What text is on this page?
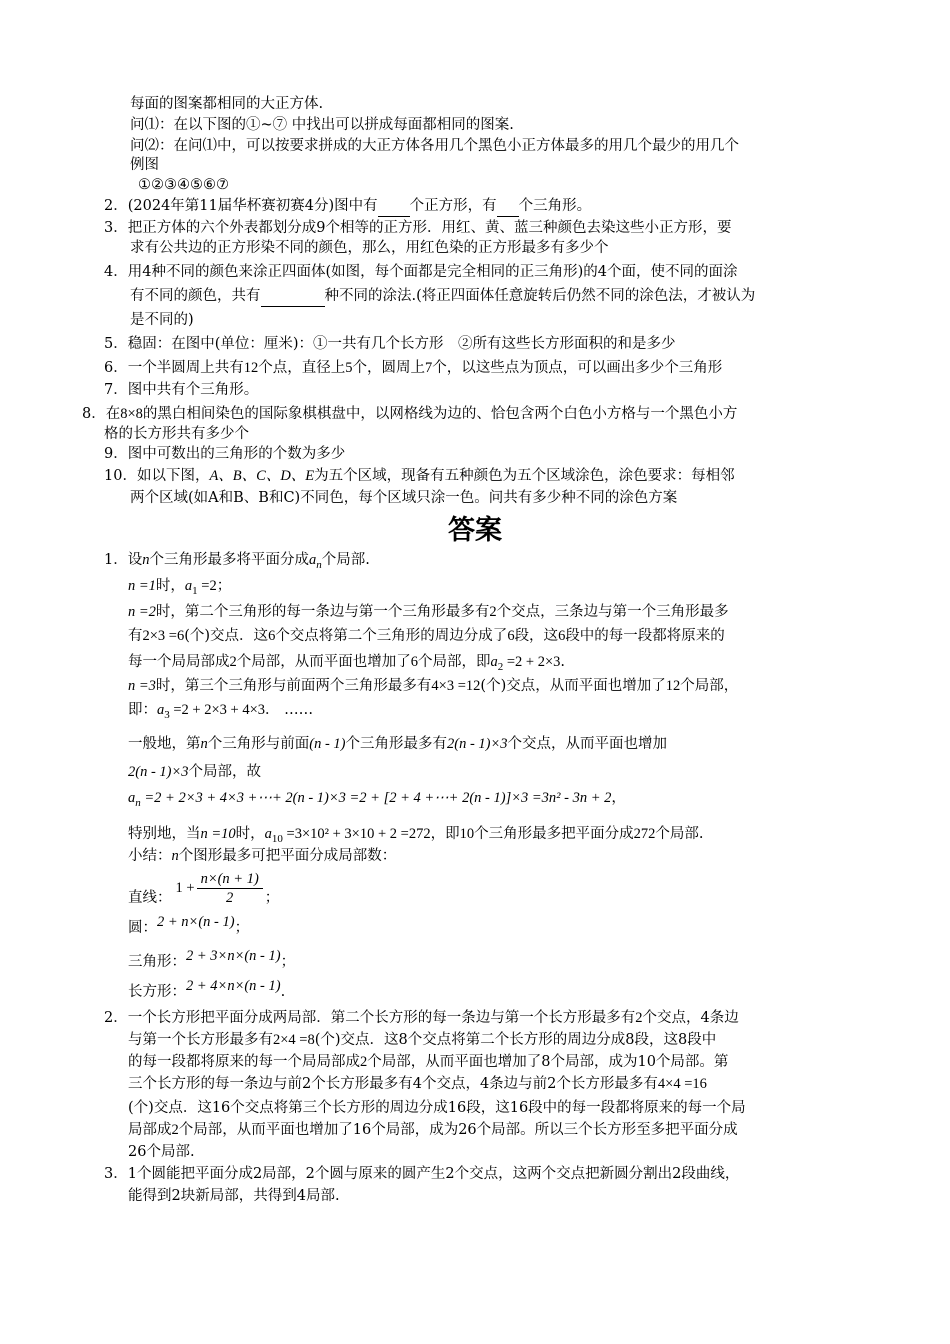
每面的图案都相同的大正方体.
问⑴：在以下图的①~⑦ 中找出可以拼成每面都相同的图案.
问⑵：在问⑴中，可以按要求拼成的大正方体各用几个黑色小正方体最多的用几个最少的用几个
例图
①②③④⑤⑥⑦
2．(2024年第11届华杯赛初赛4分)图中有 个正方形，有 个三角形。
3．把正方体的六个外表都划分成9个相等的正方形．用红、黄、蓝三种颜色去染这些小正方形，要
求有公共边的正方形染不同的颜色，那么，用红色染的正方形最多有多少个
4．用4种不同的颜色来涂正四面体(如图，每个面都是完全相同的正三角形)的4个面，使不同的面涂
有不同的颜色，共有	种不同的涂法.(将正四面体任意旋转后仍然不同的涂色法，才被认为
是不同的)
5．稳固：在图中(单位：厘米)：①一共有几个长方形　②所有这些长方形面积的和是多少
6．一个半圆周上共有12个点，直径上5个，圆周上7个，以这些点为顶点，可以画出多少个三角形
7．图中共有个三角形。
8．在8×8的黑白相间染色的国际象棋棋盘中，以网格线为边的、恰包含两个白色小方格与一个黑色小方
格的长方形共有多少个
9．图中可数出的三角形的个数为多少
10．如以下图，A、B、C、D、E为五个区域，现备有五种颜色为五个区域涂色，涂色要求：每相邻
两个区域(如A和B、B和C)不同色，每个区域只涂一色。问共有多少种不同的涂色方案
答案
1．设n个三角形最多将平面分成$a_n$个局部.
n =1时，$a_1 =2$；
n =2时，第二个三角形的每一条边与第一个三角形最多有2个交点，三条边与第一个三角形最多
有2×3 =6(个)交点．这6个交点将第二个三角形的周边分成了6段，这6段中的每一段都将原来的
每一个局局部成2个局部，从而平面也增加了6个局部，即$a_2 =2 + 2\times 3$.
n =3时，第三个三角形与前面两个三角形最多有4×3 =12(个)交点，从而平面也增加了12个局部，
即：$a_3 =2 + 2\times 3 + 4\times 3$． ……
一般地，第n个三角形与前面(n - 1)个三角形最多有2(n - 1)×3个交点，从而平面也增加
2(n - 1)×3个局部，故
$a_n =2 + 2\times 3 + 4\times 3$ +⋯+ 2(n - 1)×3 =2 + [2 + 4 +⋯+ 2(n - 1)]×3 =3n² - 3n + 2，
特别地，当n =10时，$a_{10} =3\times 10^2 + 3\times 10 + 2 =272$，即10个三角形最多把平面分成272个局部.
小结：n个图形最多可把平面分成局部数：
直线：$1 + \frac{n\times(n + 1)}{2}$ ；
圆：2 + n×(n - 1)；
三角形：2 + 3×n×(n - 1)；
长方形：2 + 4×n×(n - 1).
2．一个长方形把平面分成两局部．第二个长方形的每一条边与第一个长方形最多有2个交点，4条边
与第一个长方形最多有2×4 =8(个)交点．这8个交点将第二个长方形的周边分成8段，这8段中
的每一段都将原来的每一个局局部成2个局部，从而平面也增加了8个局部，成为10个局部。第
三个长方形的每一条边与前2个长方形最多有4个交点，4条边与前2个长方形最多有4×4 =16
(个)交点．这16个交点将第三个长方形的周边分成16段，这16段中的每一段都将原来的每一个局
局部成2个局部，从而平面也增加了16个局部，成为26个局部。所以三个长方形至多把平面分成
26个局部.
3．1个圆能把平面分成2局部，2个圆与原来的圆产生2个交点，这两个交点把新圆分割出2段曲线，
能得到2块新局部，共得到4局部.
